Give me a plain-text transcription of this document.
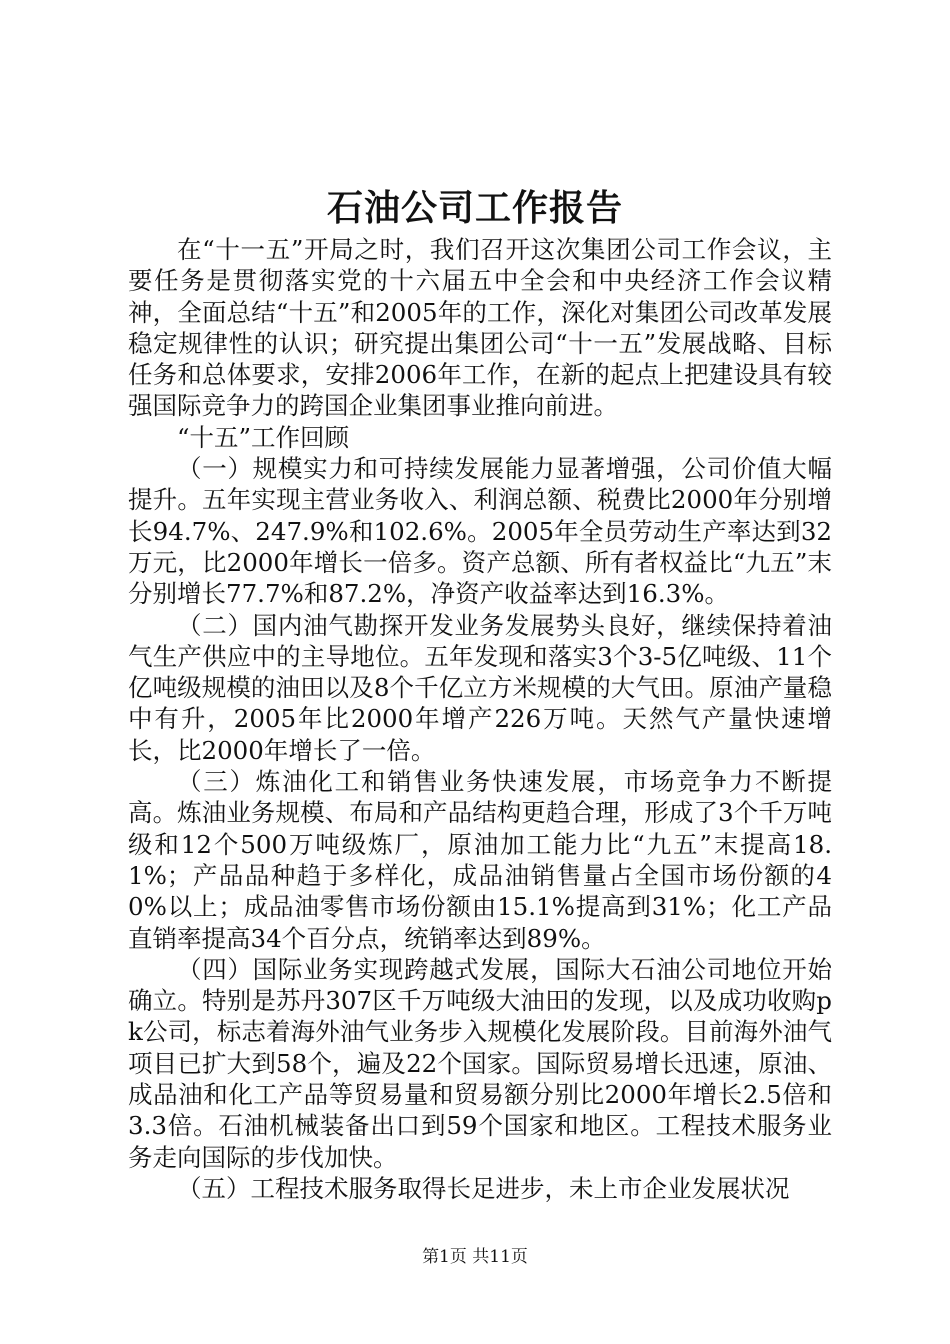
石油公司工作报告

在“十一五”开局之时，我们召开这次集团公司工作会议，主要任务是贯彻落实党的十六届五中全会和中央经济工作会议精神，全面总结“十五”和2005年的工作，深化对集团公司改革发展稳定规律性的认识；研究提出集团公司“十一五”发展战略、目标任务和总体要求，安排2006年工作，在新的起点上把建设具有较强国际竞争力的跨国企业集团事业推向前进。

“十五”工作回顾

（一）规模实力和可持续发展能力显著增强，公司价值大幅提升。五年实现主营业务收入、利润总额、税费比2000年分别增长94.7%、247.9%和102.6%。2005年全员劳动生产率达到32万元，比2000年增长一倍多。资产总额、所有者权益比“九五”末分别增长77.7%和87.2%，净资产收益率达到16.3%。

（二）国内油气勘探开发业务发展势头良好，继续保持着油气生产供应中的主导地位。五年发现和落实3个3-5亿吨级、11个亿吨级规模的油田以及8个千亿立方米规模的大气田。原油产量稳中有升，2005年比2000年增产226万吨。天然气产量快速增长，比2000年增长了一倍。

（三）炼油化工和销售业务快速发展，市场竞争力不断提高。炼油业务规模、布局和产品结构更趋合理，形成了3个千万吨级和12个500万吨级炼厂，原油加工能力比“九五”末提高18.1%；产品品种趋于多样化，成品油销售量占全国市场份额的40%以上；成品油零售市场份额由15.1%提高到31%；化工产品直销率提高34个百分点，统销率达到89%。

（四）国际业务实现跨越式发展，国际大石油公司地位开始确立。特别是苏丹307区千万吨级大油田的发现，以及成功收购pk公司，标志着海外油气业务步入规模化发展阶段。目前海外油气项目已扩大到58个，遍及22个国家。国际贸易增长迅速，原油、成品油和化工产品等贸易量和贸易额分别比2000年增长2.5倍和3.3倍。石油机械装备出口到59个国家和地区。工程技术服务业务走向国际的步伐加快。

（五）工程技术服务取得长足进步，未上市企业发展状况

第1页 共11页
